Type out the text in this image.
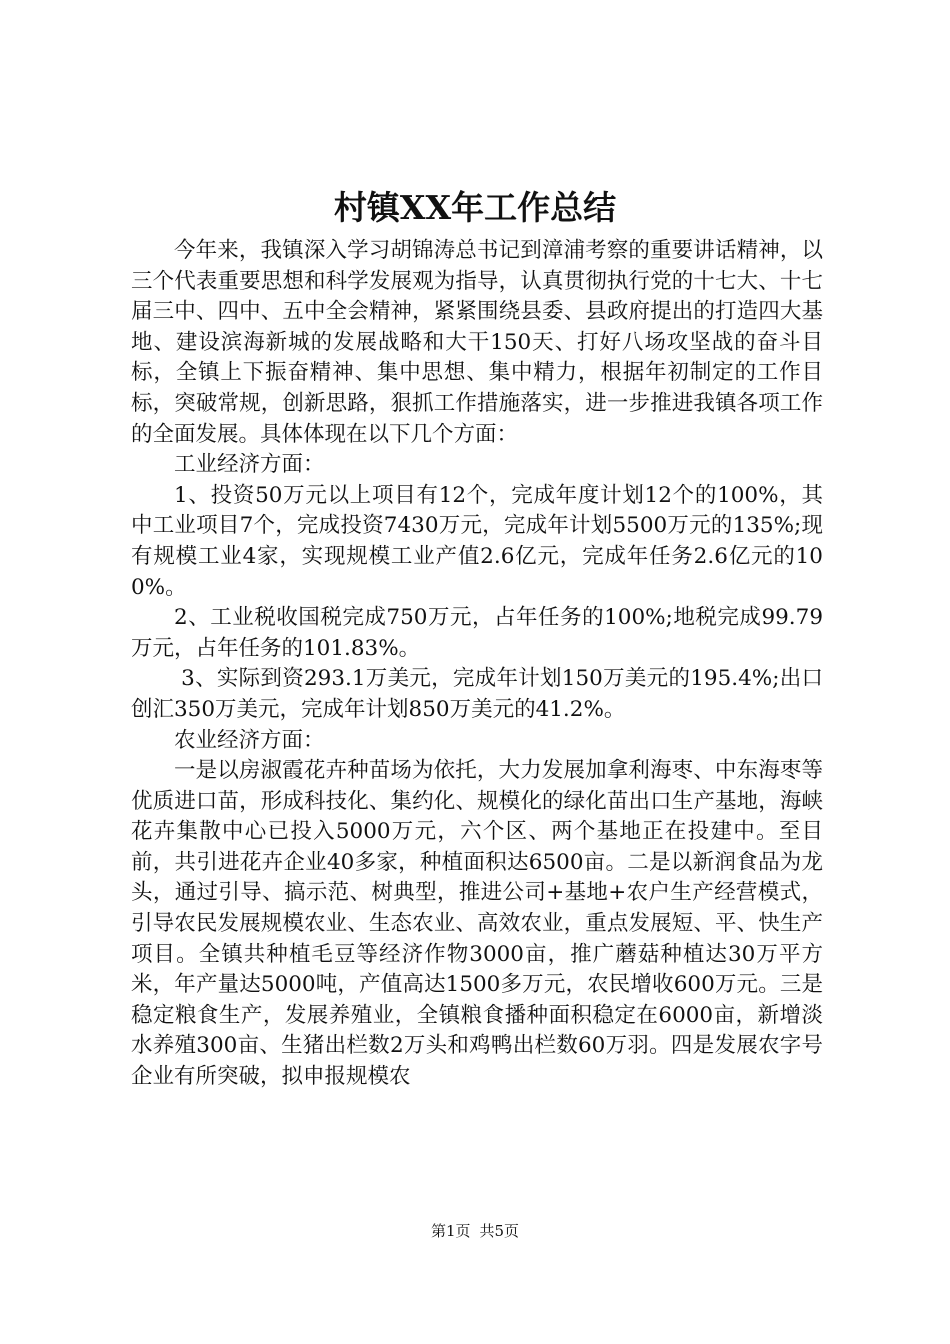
村镇XX年工作总结

今年来，我镇深入学习胡锦涛总书记到漳浦考察的重要讲话精神，以三个代表重要思想和科学发展观为指导，认真贯彻执行党的十七大、十七届三中、四中、五中全会精神，紧紧围绕县委、县政府提出的打造四大基地、建设滨海新城的发展战略和大干150天、打好八场攻坚战的奋斗目标，全镇上下振奋精神、集中思想、集中精力，根据年初制定的工作目标，突破常规，创新思路，狠抓工作措施落实，进一步推进我镇各项工作的全面发展。具体体现在以下几个方面：

工业经济方面：

1、投资50万元以上项目有12个，完成年度计划12个的100%，其中工业项目7个，完成投资7430万元，完成年计划5500万元的135%;现有规模工业4家，实现规模工业产值2.6亿元，完成年任务2.6亿元的100%。

2、工业税收国税完成750万元，占年任务的100%;地税完成99.79万元，占年任务的101.83%。

3、实际到资293.1万美元，完成年计划150万美元的195.4%;出口创汇350万美元，完成年计划850万美元的41.2%。

农业经济方面：

一是以房淑霞花卉种苗场为依托，大力发展加拿利海枣、中东海枣等优质进口苗，形成科技化、集约化、规模化的绿化苗出口生产基地，海峡花卉集散中心已投入5000万元，六个区、两个基地正在投建中。至目前，共引进花卉企业40多家，种植面积达6500亩。二是以新润食品为龙头，通过引导、搞示范、树典型，推进公司+基地+农户生产经营模式，引导农民发展规模农业、生态农业、高效农业，重点发展短、平、快生产项目。全镇共种植毛豆等经济作物3000亩，推广蘑菇种植达30万平方米，年产量达5000吨，产值高达1500多万元，农民增收600万元。三是稳定粮食生产，发展养殖业，全镇粮食播种面积稳定在6000亩，新增淡水养殖300亩、生猪出栏数2万头和鸡鸭出栏数60万羽。四是发展农字号企业有所突破，拟申报规模农

第1页 共5页
